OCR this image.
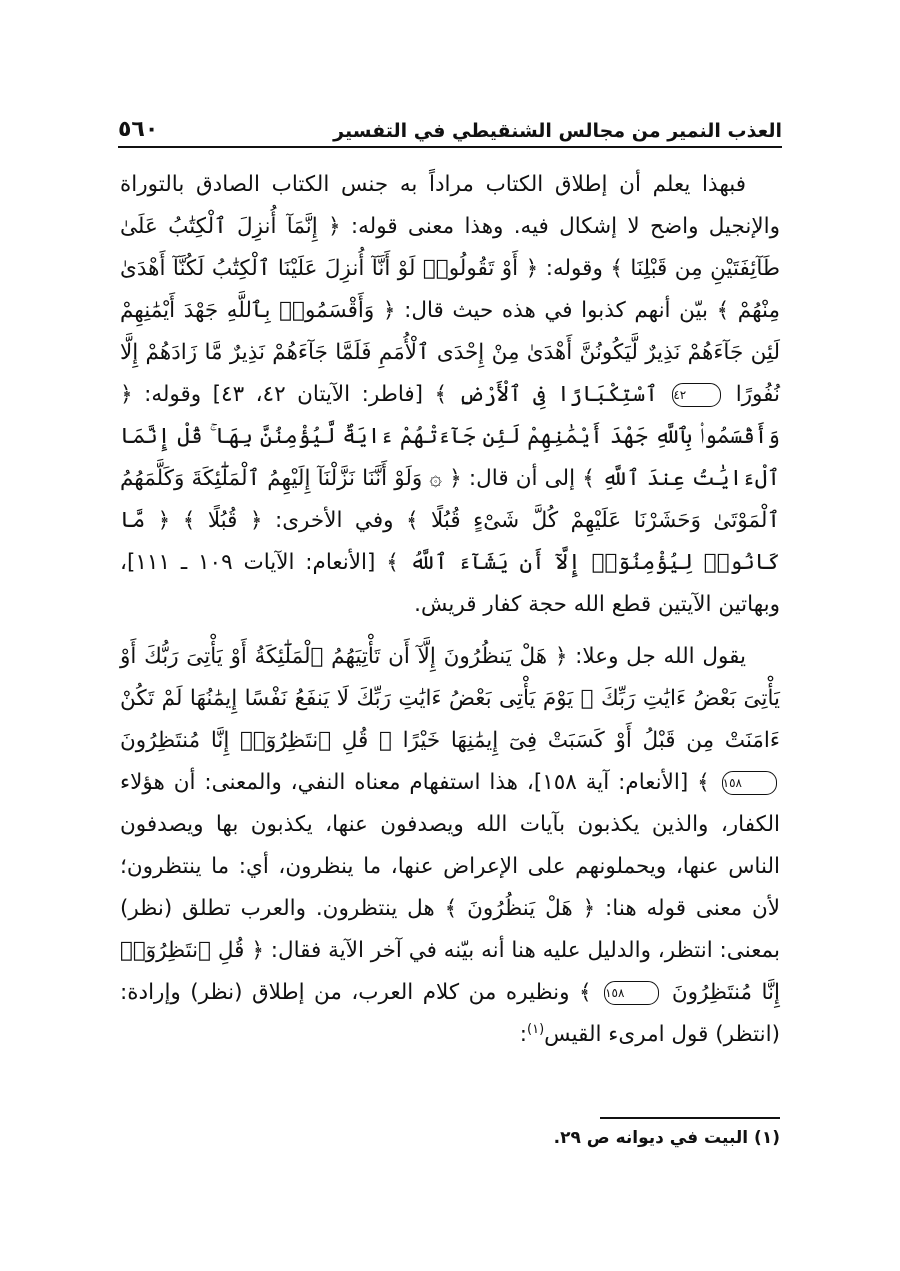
العذب النمير من مجالس الشنقيطي في التفسير
٥٦٠

فبهذا يعلم أن إطلاق الكتاب مراداً به جنس الكتاب الصادق بالتوراة والإنجيل واضح لا إشكال فيه. وهذا معنى قوله: ﴿ إِنَّمَآ أُنزِلَ ٱلْكِتَٰبُ عَلَىٰ طَآئِفَتَيْنِ مِن قَبْلِنَا ﴾ وقوله: ﴿ أَوْ تَقُولُوا۟ لَوْ أَنَّآ أُنزِلَ عَلَيْنَا ٱلْكِتَٰبُ لَكُنَّآ أَهْدَىٰ مِنْهُمْ ﴾ بيّن أنهم كذبوا في هذه حيث قال: ﴿ وَأَقْسَمُوا۟ بِٱللَّهِ جَهْدَ أَيْمَٰنِهِمْ لَئِن جَآءَهُمْ نَذِيرٌ لَّيَكُونُنَّ أَهْدَىٰ مِنْ إِحْدَى ٱلْأُمَمِ فَلَمَّا جَآءَهُمْ نَذِيرٌ مَّا زَادَهُمْ إِلَّا نُفُورًا ٤٢ ٱسْتِكْبَارًا فِى ٱلْأَرْضِ ﴾ [فاطر: الآيتان ٤٢، ٤٣] وقوله: ﴿ وَأَقْسَمُوا۟ بِٱللَّهِ جَهْدَ أَيْمَٰنِهِمْ لَئِن جَآءَتْهُمْ ءَايَةٌ لَّيُؤْمِنُنَّ بِهَا ۚ قُلْ إِنَّمَا ٱلْءَايَٰتُ عِندَ ٱللَّهِ ﴾ إلى أن قال: ﴿ ۞ وَلَوْ أَنَّنَا نَزَّلْنَآ إِلَيْهِمُ ٱلْمَلَٰٓئِكَةَ وَكَلَّمَهُمُ ٱلْمَوْتَىٰ وَحَشَرْنَا عَلَيْهِمْ كُلَّ شَىْءٍ قُبُلًا ﴾ وفي الأخرى: ﴿ قُبُلًا ﴾ ﴿ مَّا كَانُوا۟ لِيُؤْمِنُوٓا۟ إِلَّآ أَن يَشَآءَ ٱللَّهُ ﴾ [الأنعام: الآيات ١٠٩ ـ ١١١]، وبهاتين الآيتين قطع الله حجة كفار قريش.

يقول الله جل وعلا: ﴿ هَلْ يَنظُرُونَ إِلَّآ أَن تَأْتِيَهُمُ ٱلْمَلَٰٓئِكَةُ أَوْ يَأْتِىَ رَبُّكَ أَوْ يَأْتِىَ بَعْضُ ءَايَٰتِ رَبِّكَ ۗ يَوْمَ يَأْتِى بَعْضُ ءَايَٰتِ رَبِّكَ لَا يَنفَعُ نَفْسًا إِيمَٰنُهَا لَمْ تَكُنْ ءَامَنَتْ مِن قَبْلُ أَوْ كَسَبَتْ فِىٓ إِيمَٰنِهَا خَيْرًا ۗ قُلِ ٱنتَظِرُوٓا۟ إِنَّا مُنتَظِرُونَ ١٥٨ ﴾ [الأنعام: آية ١٥٨]، هذا استفهام معناه النفي، والمعنى: أن هؤلاء الكفار، والذين يكذبون بآيات الله ويصدفون عنها، يكذبون بها ويصدفون الناس عنها، ويحملونهم على الإعراض عنها، ما ينظرون، أي: ما ينتظرون؛ لأن معنى قوله هنا: ﴿ هَلْ يَنظُرُونَ ﴾ هل ينتظرون. والعرب تطلق (نظر) بمعنى: انتظر، والدليل عليه هنا أنه بيّنه في آخر الآية فقال: ﴿ قُلِ ٱنتَظِرُوٓا۟ إِنَّا مُنتَظِرُونَ ١٥٨ ﴾ ونظيره من كلام العرب، من إطلاق (نظر) وإرادة: (انتظر) قول امرىء القيس$^{(١)}$:

(١) البيت في ديوانه ص ٢٩.
